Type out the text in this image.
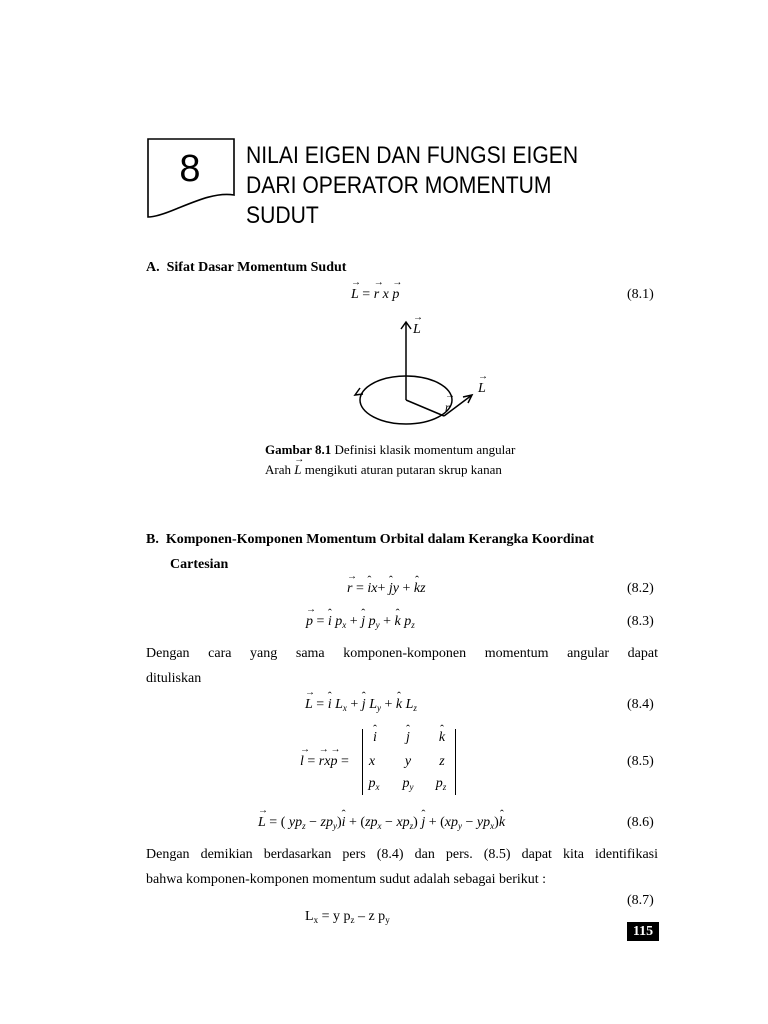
8	NILAI EIGEN DAN FUNGSI EIGEN
DARI OPERATOR MOMENTUM
SUDUT
A.  Sifat Dasar Momentum Sudut
→ L = → r x → p	(8.1)
→ L
→ L
→ r
Gambar 8.1 Definisi klasik momentum angular
Arah → L mengikuti aturan putaran skrup kanan
B.  Komponen-Komponen Momentum Orbital dalam Kerangka Koordinat
Cartesian
→ r = ˆ ix+ ˆ jy + ˆ kz	(8.2)
→ p = ˆ i $p_x$ + ˆ j $p_y$ + ˆ k $p_z$	(8.3)
Dengan cara yang sama komponen-komponen momentum angular dapat
dituliskan
→ L = ˆ i $L_x$ + ˆ j $L_y$ + ˆ k $L_z$	(8.4)
→ l = → rx→ p =
ˆ i	ˆ j	ˆ k
x	y	z
$p_x$	$p_y$	$p_z$
(8.5)
→ L = ( $yp_z$ − $zp_y)ˆ$ $i + (zp_x - xp_z)$ ˆ $j + (xp_y$ − $yp_x)ˆ$ k	(8.6)
Dengan demikian berdasarkan pers (8.4) dan pers. (8.5) dapat kita identifikasi
bahwa komponen-komponen momentum sudut adalah sebagai berikut :

$L_x = y$ $p_z$ – z $p_y$

(8.7)
115
